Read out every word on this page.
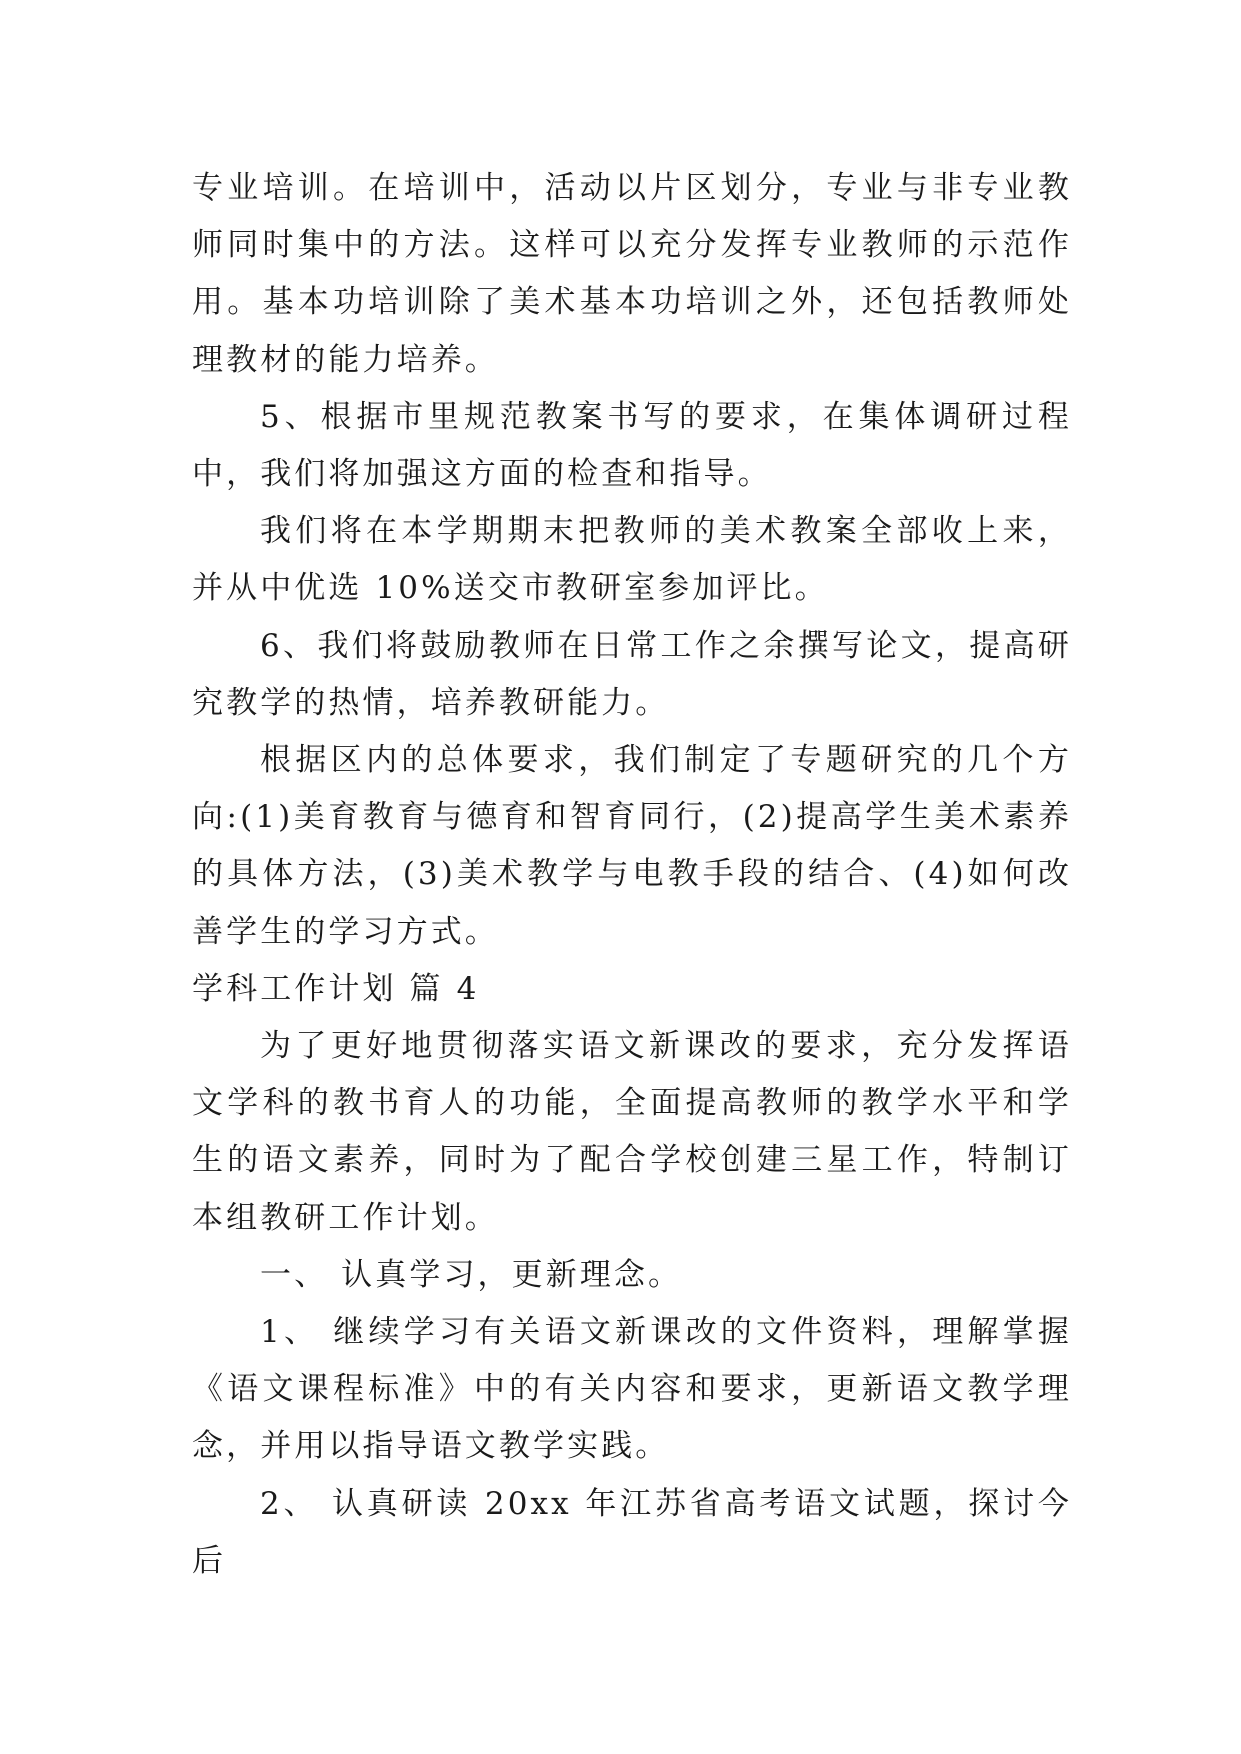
专业培训。在培训中，活动以片区划分，专业与非专业教师同时集中的方法。这样可以充分发挥专业教师的示范作用。基本功培训除了美术基本功培训之外，还包括教师处理教材的能力培养。

5、根据市里规范教案书写的要求，在集体调研过程中，我们将加强这方面的检查和指导。

我们将在本学期期末把教师的美术教案全部收上来，并从中优选 10%送交市教研室参加评比。

6、我们将鼓励教师在日常工作之余撰写论文，提高研究教学的热情，培养教研能力。

根据区内的总体要求，我们制定了专题研究的几个方向:(1)美育教育与德育和智育同行，(2)提高学生美术素养的具体方法，(3)美术教学与电教手段的结合、(4)如何改善学生的学习方式。

学科工作计划 篇 4

为了更好地贯彻落实语文新课改的要求，充分发挥语文学科的教书育人的功能，全面提高教师的教学水平和学生的语文素养，同时为了配合学校创建三星工作，特制订本组教研工作计划。

一、 认真学习，更新理念。

1、 继续学习有关语文新课改的文件资料，理解掌握《语文课程标准》中的有关内容和要求，更新语文教学理念，并用以指导语文教学实践。

2、 认真研读 20xx 年江苏省高考语文试题，探讨今后
